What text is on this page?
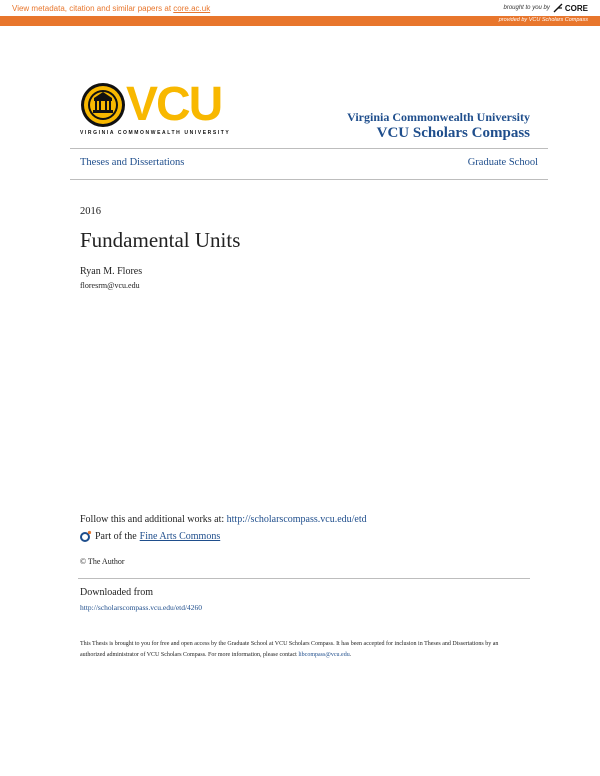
View metadata, citation and similar papers at core.ac.uk	brought to you by CORE
provided by VCU Scholars Compass
VCU
VIRGINIA COMMONWEALTH UNIVERSITY
Virginia Commonwealth University
VCU Scholars Compass
Theses and Dissertations	Graduate School
2016
Fundamental Units
Ryan M. Flores
floresrm@vcu.edu
Follow this and additional works at: http://scholarscompass.vcu.edu/etd
Part of the Fine Arts Commons
© The Author
Downloaded from
http://scholarscompass.vcu.edu/etd/4260
This Thesis is brought to you for free and open access by the Graduate School at VCU Scholars Compass. It has been accepted for inclusion in Theses and Dissertations by an authorized administrator of VCU Scholars Compass. For more information, please contact libcompass@vcu.edu.
